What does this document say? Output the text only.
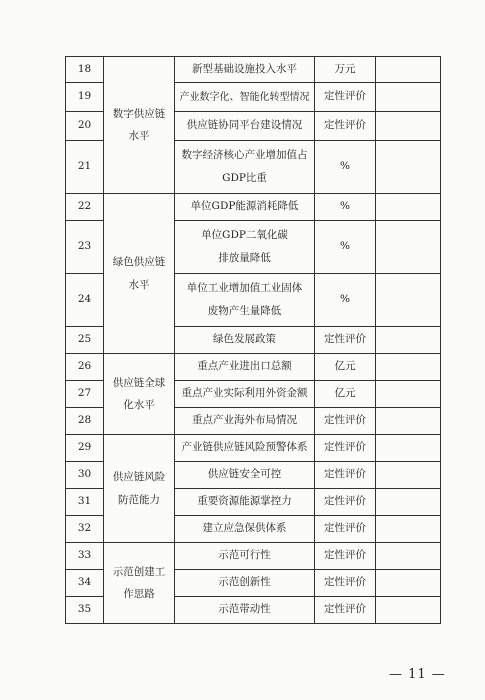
18	数字供应链水平	新型基础设施投入水平	万元	
19		产业数字化、智能化转型情况	定性评价	
20		供应链协同平台建设情况	定性评价	
21		数字经济核心产业增加值占GDP比重	%	
22	绿色供应链水平	单位GDP能源消耗降低	%	
23		单位GDP二氧化碳排放量降低	%	
24		单位工业增加值工业固体废物产生量降低	%	
25		绿色发展政策	定性评价	
26	供应链全球化水平	重点产业进出口总额	亿元	
27		重点产业实际利用外资金额	亿元	
28		重点产业海外布局情况	定性评价	
29	供应链风险防范能力	产业链供应链风险预警体系	定性评价	
30		供应链安全可控	定性评价	
31		重要资源能源掌控力	定性评价	
32		建立应急保供体系	定性评价	
33	示范创建工作思路	示范可行性	定性评价	
34		示范创新性	定性评价	
35		示范带动性	定性评价	
— 11 —
